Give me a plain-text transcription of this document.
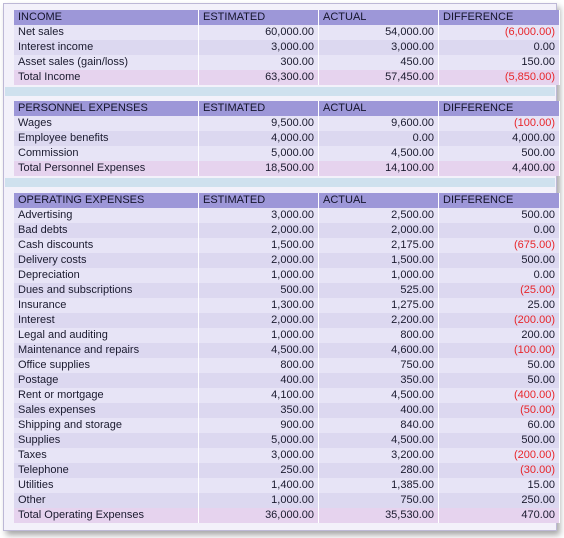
INCOME	ESTIMATED	ACTUAL	DIFFERENCE
Net sales	60,000.00	54,000.00	(6,000.00)
Interest income	3,000.00	3,000.00	0.00
Asset sales (gain/loss)	300.00	450.00	150.00
Total Income	63,300.00	57,450.00	(5,850.00)
PERSONNEL EXPENSES	ESTIMATED	ACTUAL	DIFFERENCE
Wages	9,500.00	9,600.00	(100.00)
Employee benefits	4,000.00	0.00	4,000.00
Commission	5,000.00	4,500.00	500.00
Total Personnel Expenses	18,500.00	14,100.00	4,400.00
OPERATING EXPENSES	ESTIMATED	ACTUAL	DIFFERENCE
Advertising	3,000.00	2,500.00	500.00
Bad debts	2,000.00	2,000.00	0.00
Cash discounts	1,500.00	2,175.00	(675.00)
Delivery costs	2,000.00	1,500.00	500.00
Depreciation	1,000.00	1,000.00	0.00
Dues and subscriptions	500.00	525.00	(25.00)
Insurance	1,300.00	1,275.00	25.00
Interest	2,000.00	2,200.00	(200.00)
Legal and auditing	1,000.00	800.00	200.00
Maintenance and repairs	4,500.00	4,600.00	(100.00)
Office supplies	800.00	750.00	50.00
Postage	400.00	350.00	50.00
Rent or mortgage	4,100.00	4,500.00	(400.00)
Sales expenses	350.00	400.00	(50.00)
Shipping and storage	900.00	840.00	60.00
Supplies	5,000.00	4,500.00	500.00
Taxes	3,000.00	3,200.00	(200.00)
Telephone	250.00	280.00	(30.00)
Utilities	1,400.00	1,385.00	15.00
Other	1,000.00	750.00	250.00
Total Operating Expenses	36,000.00	35,530.00	470.00
